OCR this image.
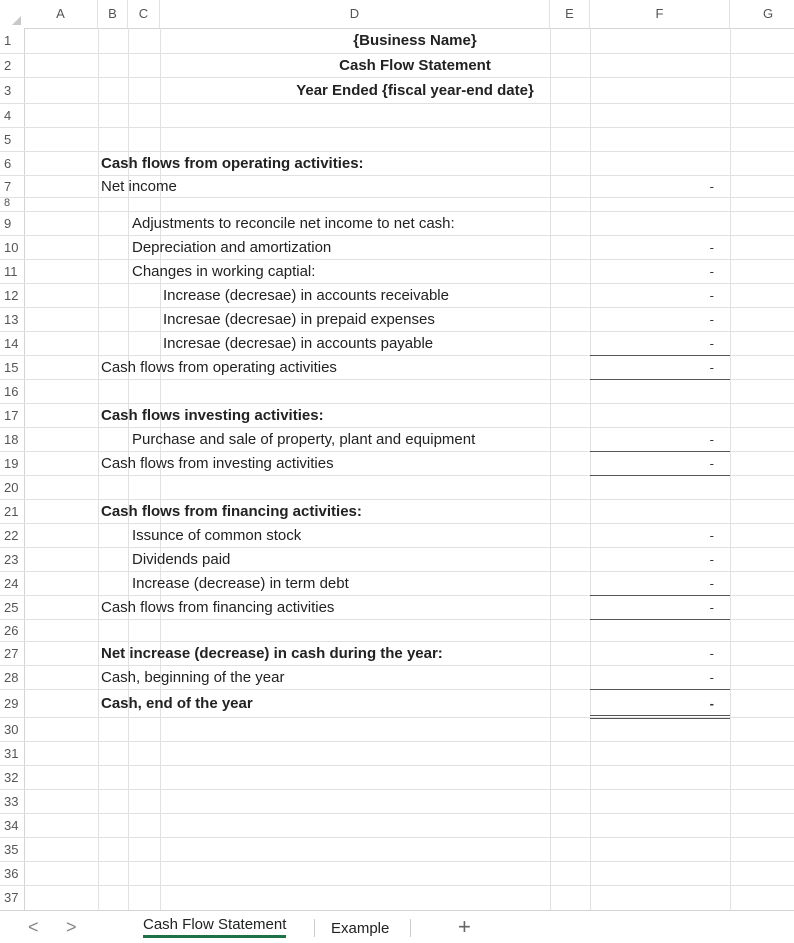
A	B	C	D	E	F	G
1	{Business Name}
2	Cash Flow Statement
3	Year Ended {fiscal year-end date}
4
5
6	Cash flows from operating activities:
7	Net income	-
8
9	Adjustments to reconcile net income to net cash:
10	Depreciation and amortization	-
11	Changes in working captial:	-
12	Increase (decresae) in accounts receivable	-
13	Incresae (decresae) in prepaid expenses	-
14	Incresae (decresae) in accounts payable	-
15	Cash flows from operating activities	-
16
17	Cash flows investing activities:
18	Purchase and sale of property, plant and equipment	-
19	Cash flows from investing activities	-
20
21	Cash flows from financing activities:
22	Issunce of common stock	-
23	Dividends paid	-
24	Increase (decrease) in term debt	-
25	Cash flows from financing activities	-
26
27	Net increase (decrease) in cash during the year:	-
28	Cash, beginning of the year	-
29	Cash, end of the year	-
30
31
32
33
34
35
36
37
< >	Cash Flow Statement	Example	+
